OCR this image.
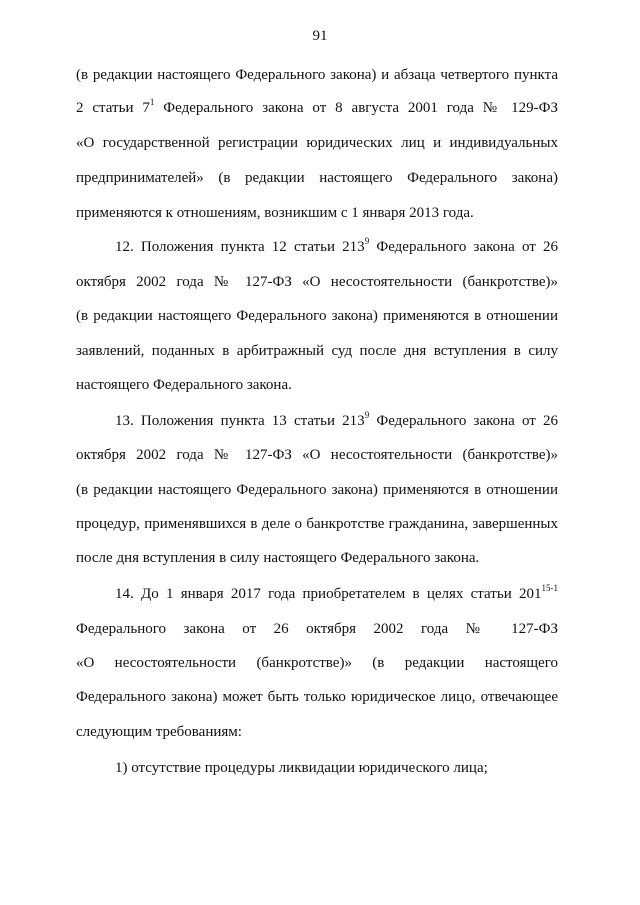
91
(в редакции настоящего Федерального закона) и абзаца четвертого пункта
2 статьи $7^1$ Федерального закона от 8 августа 2001 года № 129-ФЗ
«О государственной регистрации юридических лиц и индивидуальных
предпринимателей» (в редакции настоящего Федерального закона)
применяются к отношениям, возникшим с 1 января 2013 года.
12. Положения пункта 12 статьи $213^9$ Федерального закона от 26
октября 2002 года № 127-ФЗ «О несостоятельности (банкротстве)»
(в редакции настоящего Федерального закона) применяются в отношении
заявлений, поданных в арбитражный суд после дня вступления в силу
настоящего Федерального закона.
13. Положения пункта 13 статьи $213^9$ Федерального закона от 26
октября 2002 года № 127-ФЗ «О несостоятельности (банкротстве)»
(в редакции настоящего Федерального закона) применяются в отношении
процедур, применявшихся в деле о банкротстве гражданина, завершенных
после дня вступления в силу настоящего Федерального закона.
14. До 1 января 2017 года приобретателем в целях статьи 201$^{15-1}$
Федерального закона от 26 октября 2002 года № 127-ФЗ
«О несостоятельности (банкротстве)» (в редакции настоящего
Федерального закона) может быть только юридическое лицо, отвечающее
следующим требованиям:
1) отсутствие процедуры ликвидации юридического лица;
